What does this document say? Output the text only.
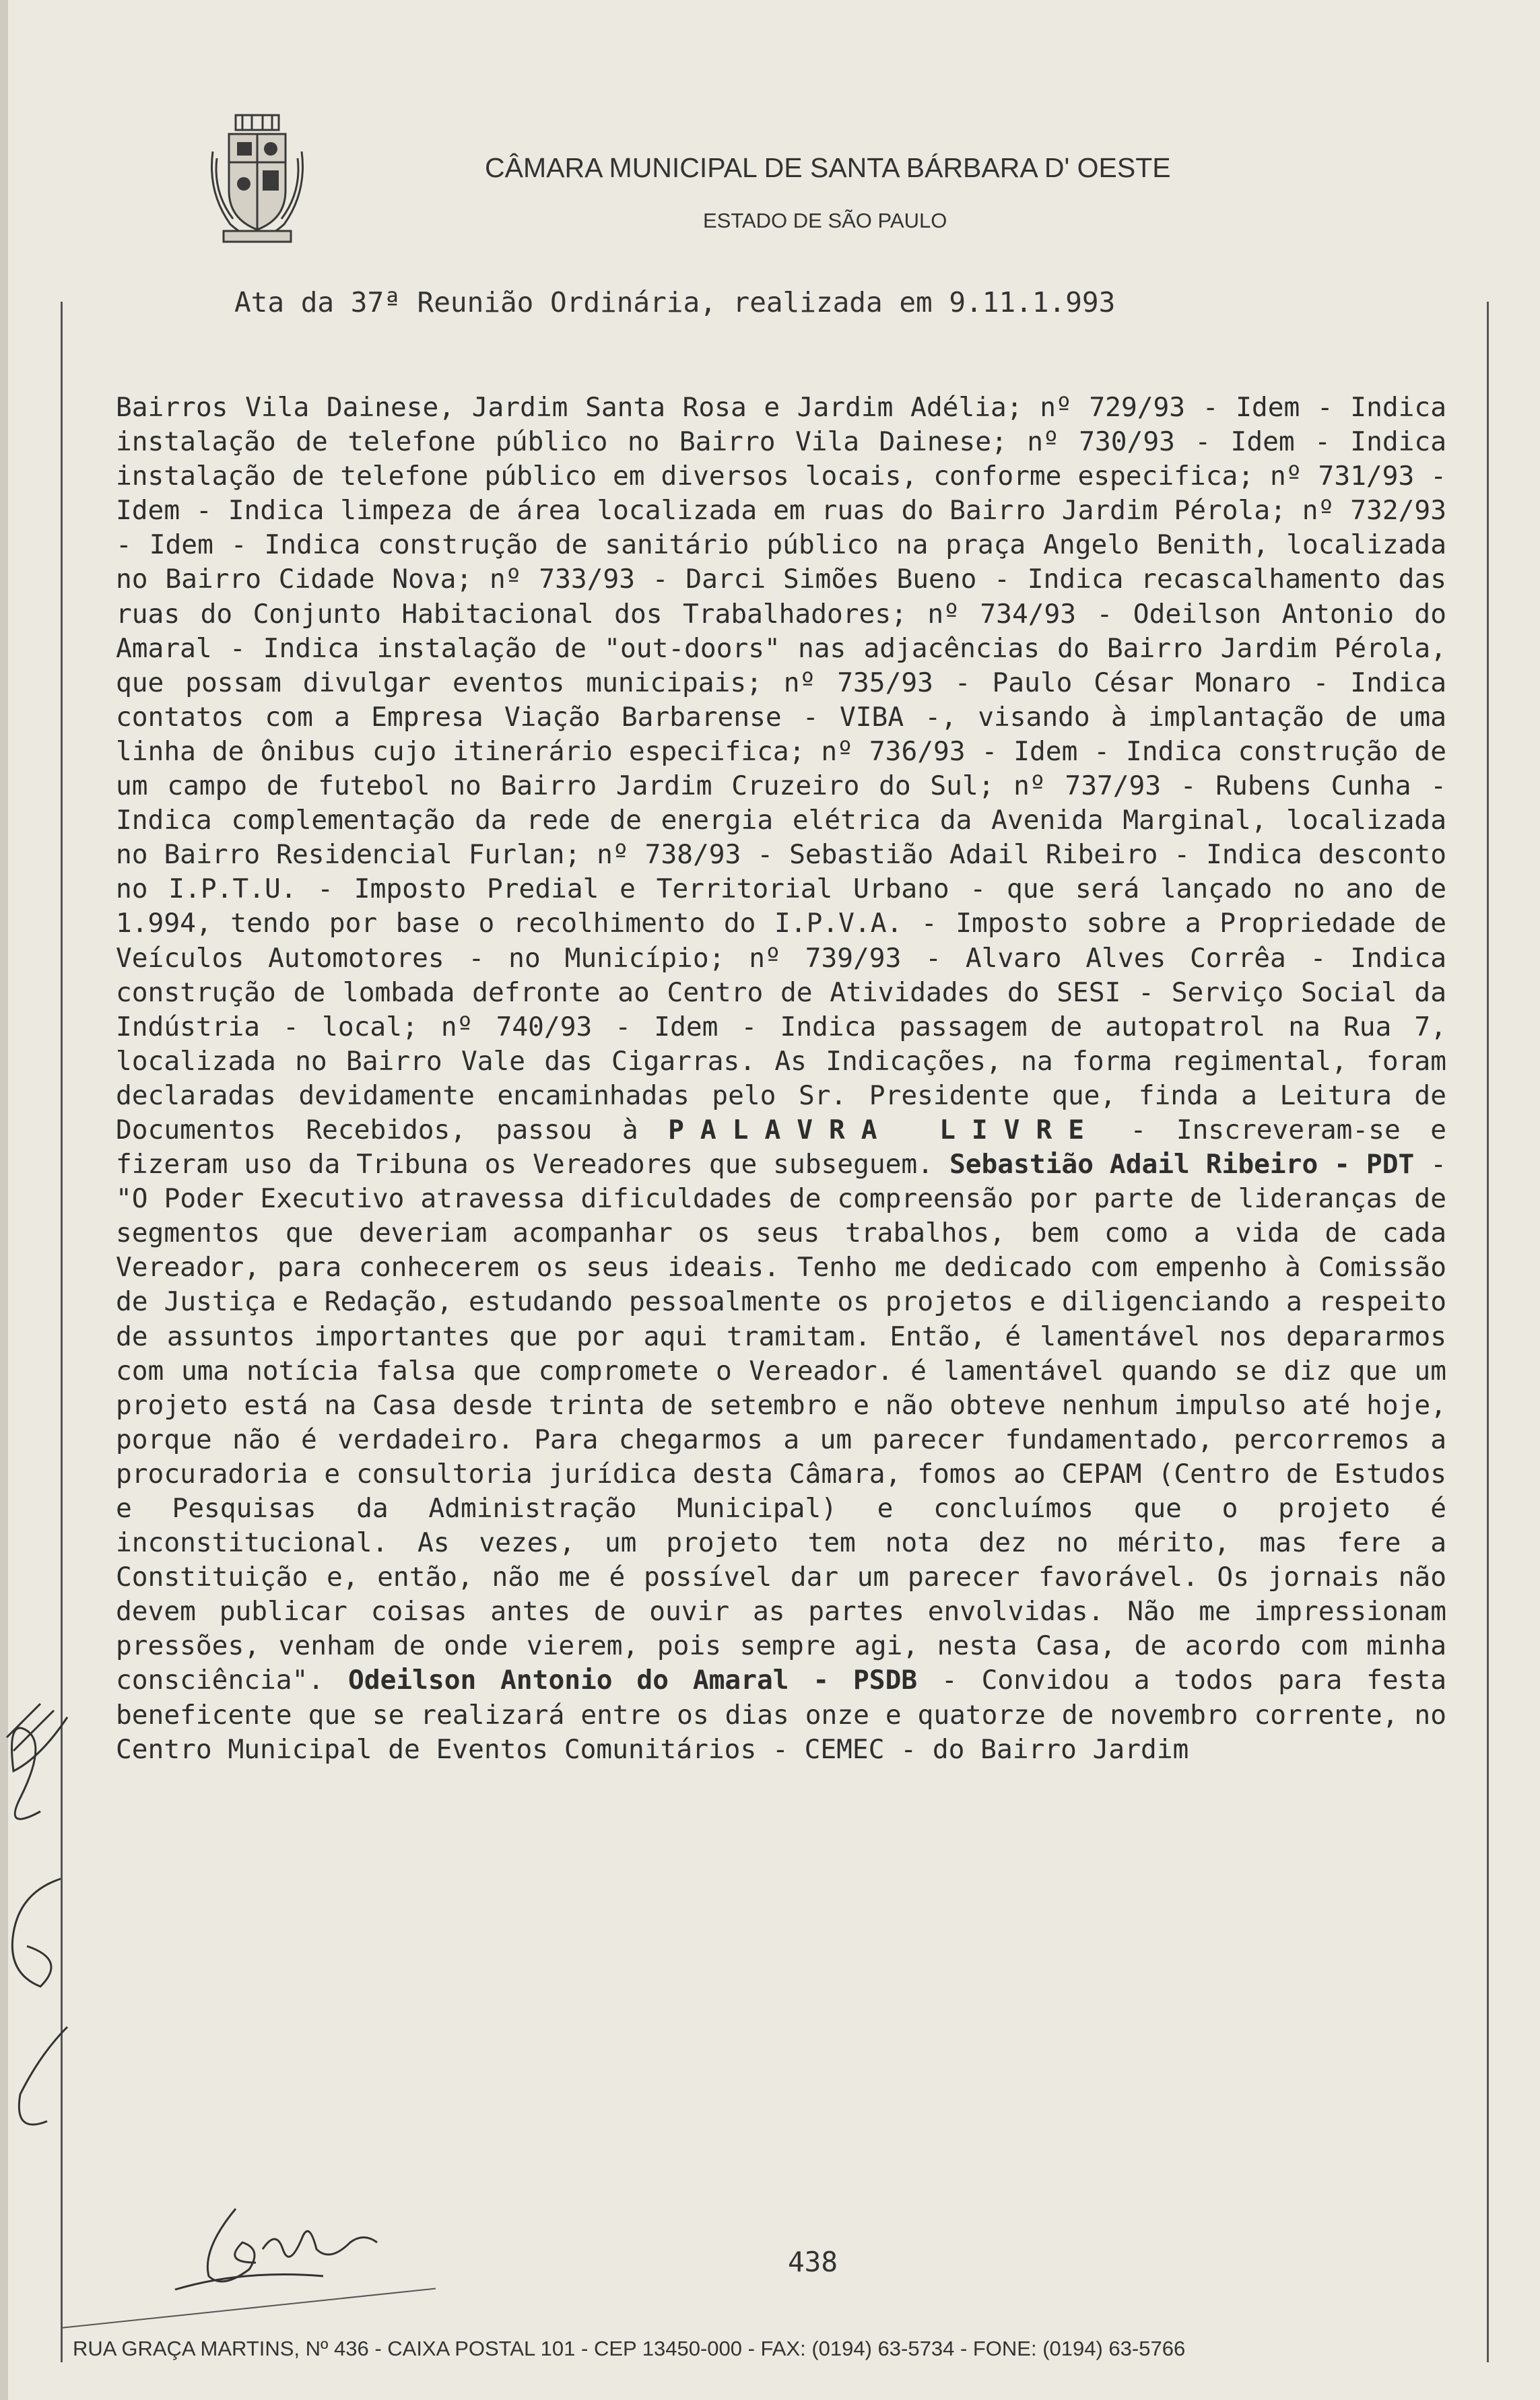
CÂMARA MUNICIPAL DE SANTA BÁRBARA D' OESTE
ESTADO DE SÃO PAULO
Ata da 37ª Reunião Ordinária, realizada em 9.11.1.993

Bairros Vila Dainese, Jardim Santa Rosa e Jardim Adélia; nº 729/93 - Idem - Indica instalação de telefone público no Bairro Vila Dainese; nº 730/93 - Idem - Indica instalação de telefone público em diversos locais, conforme especifica; nº 731/93 - Idem - Indica limpeza de área localizada em ruas do Bairro Jardim Pérola; nº 732/93 - Idem - Indica construção de sanitário público na praça Angelo Benith, localizada no Bairro Cidade Nova; nº 733/93 - Darci Simões Bueno - Indica recascalhamento das ruas do Conjunto Habitacional dos Trabalhadores; nº 734/93 - Odeilson Antonio do Amaral - Indica instalação de "out-doors" nas adjacências do Bairro Jardim Pérola, que possam divulgar eventos municipais; nº 735/93 - Paulo César Monaro - Indica contatos com a Empresa Viação Barbarense - VIBA -, visando à implantação de uma linha de ônibus cujo itinerário especifica; nº 736/93 - Idem - Indica construção de um campo de futebol no Bairro Jardim Cruzeiro do Sul; nº 737/93 - Rubens Cunha - Indica complementação da rede de energia elétrica da Avenida Marginal, localizada no Bairro Residencial Furlan; nº 738/93 - Sebastião Adail Ribeiro - Indica desconto no I.P.T.U. - Imposto Predial e Territorial Urbano - que será lançado no ano de 1.994, tendo por base o recolhimento do I.P.V.A. - Imposto sobre a Propriedade de Veículos Automotores - no Município; nº 739/93 - Alvaro Alves Corrêa - Indica construção de lombada defronte ao Centro de Atividades do SESI - Serviço Social da Indústria - local; nº 740/93 - Idem - Indica passagem de autopatrol na Rua 7, localizada no Bairro Vale das Cigarras. As Indicações, na forma regimental, foram declaradas devidamente encaminhadas pelo Sr. Presidente que, finda a Leitura de Documentos Recebidos, passou à PALAVRA LIVRE - Inscreveram-se e fizeram uso da Tribuna os Vereadores que subseguem. Sebastião Adail Ribeiro - PDT - "O Poder Executivo atravessa dificuldades de compreensão por parte de lideranças de segmentos que deveriam acompanhar os seus trabalhos, bem como a vida de cada Vereador, para conhecerem os seus ideais. Tenho me dedicado com empenho à Comissão de Justiça e Redação, estudando pessoalmente os projetos e diligenciando a respeito de assuntos importantes que por aqui tramitam. Então, é lamentável nos depararmos com uma notícia falsa que compromete o Vereador. é lamentável quando se diz que um projeto está na Casa desde trinta de setembro e não obteve nenhum impulso até hoje, porque não é verdadeiro. Para chegarmos a um parecer fundamentado, percorremos a procuradoria e consultoria jurídica desta Câmara, fomos ao CEPAM (Centro de Estudos e Pesquisas da Administração Municipal) e concluímos que o projeto é inconstitucional. As vezes, um projeto tem nota dez no mérito, mas fere a Constituição e, então, não me é possível dar um parecer favorável. Os jornais não devem publicar coisas antes de ouvir as partes envolvidas. Não me impressionam pressões, venham de onde vierem, pois sempre agi, nesta Casa, de acordo com minha consciência". Odeilson Antonio do Amaral - PSDB - Convidou a todos para festa beneficente que se realizará entre os dias onze e quatorze de novembro corrente, no Centro Municipal de Eventos Comunitários - CEMEC - do Bairro Jardim

438
RUA GRAÇA MARTINS, Nº 436 - CAIXA POSTAL 101 - CEP 13450-000 - FAX: (0194) 63-5734 - FONE: (0194) 63-5766
